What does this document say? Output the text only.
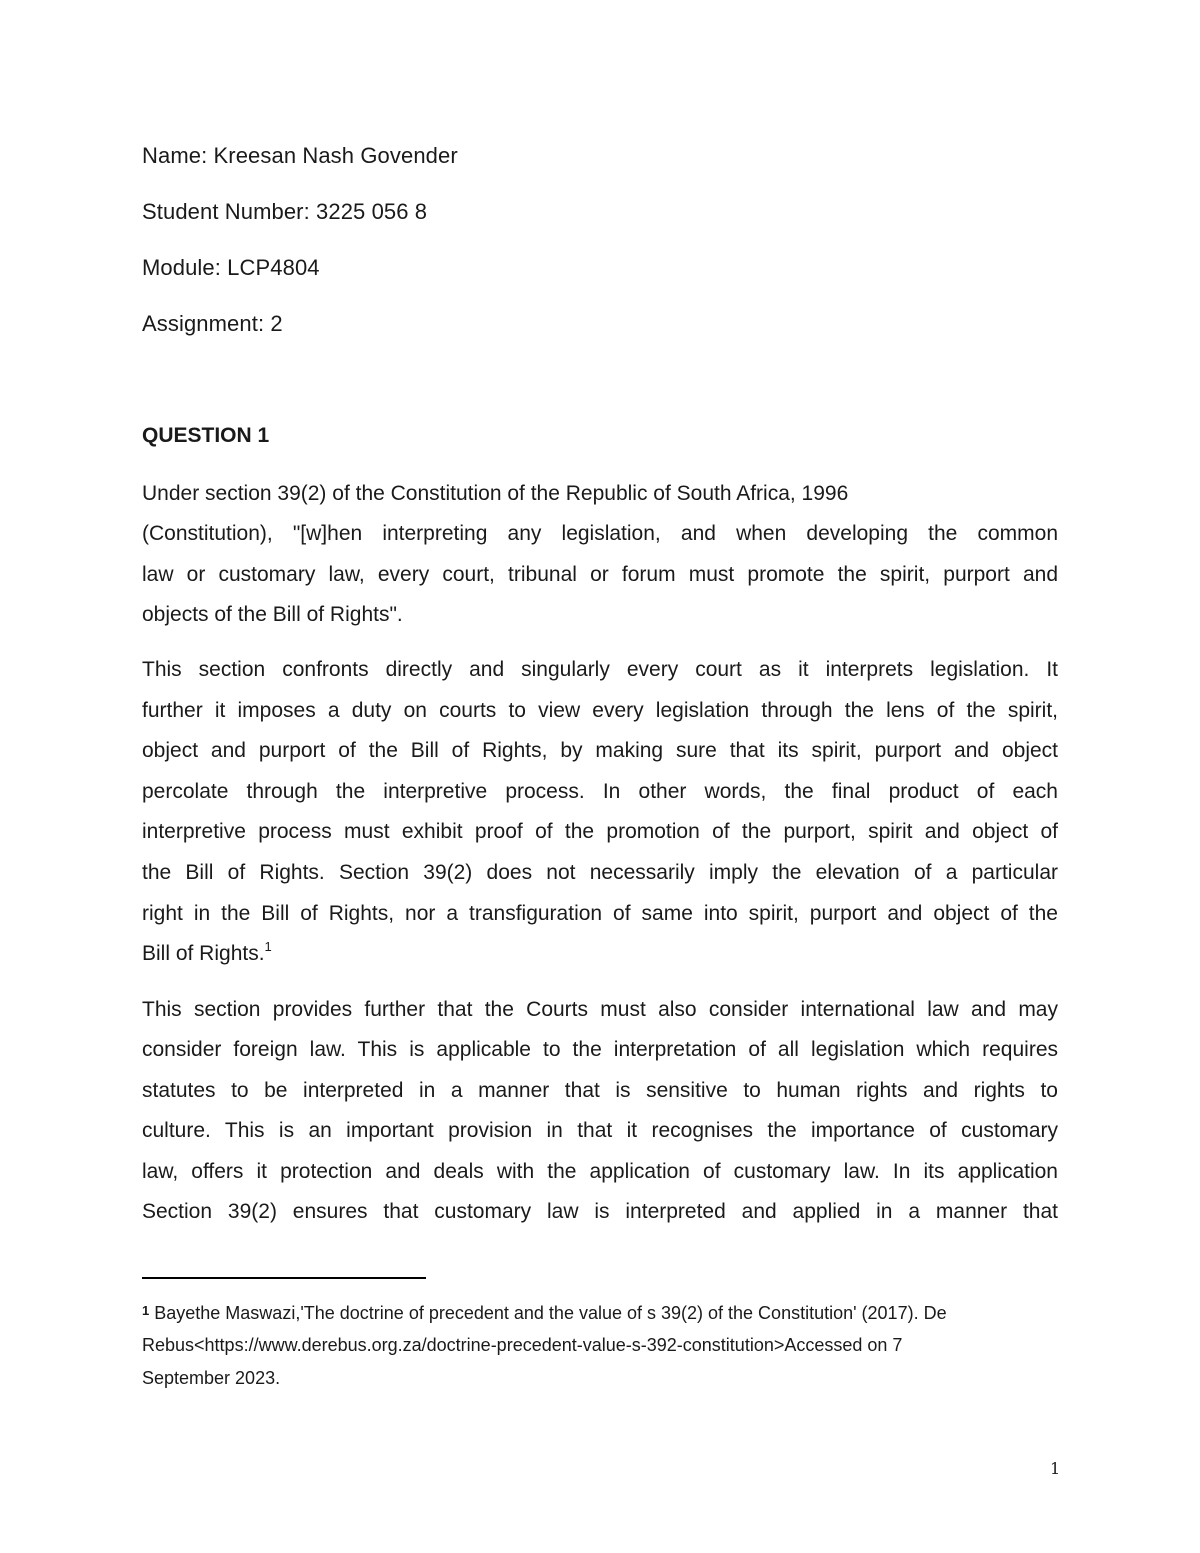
Name: Kreesan Nash Govender
Student Number: 3225 056 8
Module: LCP4804
Assignment: 2
QUESTION 1
Under section 39(2) of the Constitution of the Republic of South Africa, 1996
(Constitution), "[w]hen interpreting any legislation, and when developing the common
law or customary law, every court, tribunal or forum must promote the spirit, purport and
objects of the Bill of Rights".
This section confronts directly and singularly every court as it interprets legislation. It
further it imposes a duty on courts to view every legislation through the lens of the spirit,
object and purport of the Bill of Rights, by making sure that its spirit, purport and object
percolate through the interpretive process. In other words, the final product of each
interpretive process must exhibit proof of the promotion of the purport, spirit and object of
the Bill of Rights. Section 39(2) does not necessarily imply the elevation of a particular
right in the Bill of Rights, nor a transfiguration of same into spirit, purport and object of the
Bill of Rights.$^1$
This section provides further that the Courts must also consider international law and may
consider foreign law. This is applicable to the interpretation of all legislation which requires
statutes to be interpreted in a manner that is sensitive to human rights and rights to
culture. This is an important provision in that it recognises the importance of customary
law, offers it protection and deals with the application of customary law. In its application
Section 39(2) ensures that customary law is interpreted and applied in a manner that
$^1$ Bayethe Maswazi,'The doctrine of precedent and the value of s 39(2) of the Constitution' (2017). De
Rebus<https://www.derebus.org.za/doctrine-precedent-value-s-392-constitution>Accessed on 7
September 2023.
1
